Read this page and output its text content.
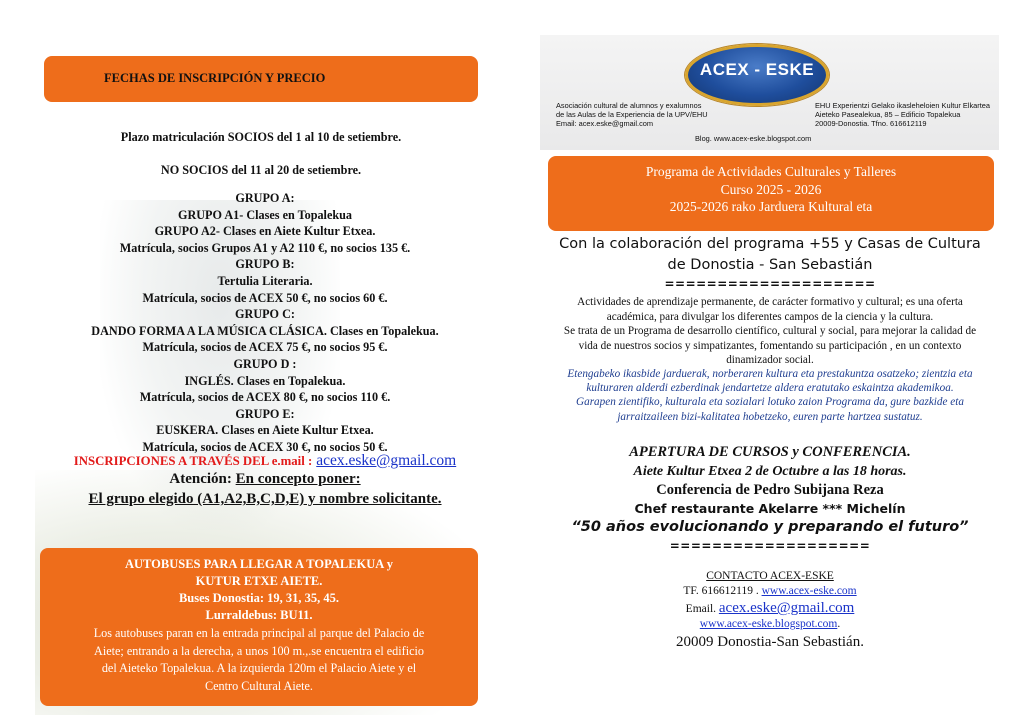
FECHAS DE INSCRIPCIÓN Y PRECIO
Plazo matriculación SOCIOS del 1 al 10 de setiembre.
NO SOCIOS del 11 al 20 de setiembre.
GRUPO A:
GRUPO A1- Clases en Topalekua
GRUPO A2- Clases en Aiete Kultur Etxea.
Matrícula, socios Grupos A1 y A2 110 €, no socios 135 €.
GRUPO B:
Tertulia Literaria.
Matrícula, socios de ACEX 50 €, no socios 60 €.
GRUPO C:
DANDO FORMA A LA MÚSICA CLÁSICA. Clases en Topalekua.
Matrícula, socios de ACEX 75 €, no socios 95 €.
GRUPO D :
INGLÉS. Clases en Topalekua.
Matrícula, socios de ACEX 80 €, no socios 110 €.
GRUPO E:
EUSKERA. Clases en Aiete Kultur Etxea.
Matrícula, socios de ACEX 30 €, no socios 50 €.
INSCRIPCIONES A TRAVÉS DEL e.mail : acex.eske@gmail.com
Atención: En concepto poner:
El grupo elegido (A1,A2,B,C,D,E) y nombre solicitante.
AUTOBUSES PARA LLEGAR A TOPALEKUA y
KUTUR ETXE AIETE.
Buses Donostia: 19, 31, 35, 45.
Lurraldebus: BU11.
Los autobuses paran en la entrada principal al parque del Palacio de
Aiete; entrando a la derecha, a unos 100 m.,.se encuentra el edificio
del Aieteko Topalekua. A la izquierda 120m el Palacio Aiete y el
Centro Cultural Aiete.
ACEX - ESKE
Asociación cultural de alumnos y exalumnos
de las Aulas de la Experiencia de la UPV/EHU
Email: acex.eske@gmail.com
EHU Experientzi Gelako ikasleheloien Kultur Elkartea
Aieteko Pasealekua, 85 – Edificio Topalekua
20009-Donostia. Tfno. 616612119
Blog. www.acex-eske.blogspot.com
Programa de Actividades Culturales y Talleres
Curso 2025 - 2026
2025-2026 rako Jarduera Kultural eta
Con la colaboración del programa +55 y Casas de Cultura
de Donostia - San Sebastián
====================
Actividades de aprendizaje permanente, de carácter formativo y cultural; es una oferta
académica, para divulgar los diferentes campos de la ciencia y la cultura.
Se trata de un Programa de desarrollo científico, cultural y social, para mejorar la calidad de
vida de nuestros socios y simpatizantes, fomentando su participación , en un contexto
dinamizador social.
Etengabeko ikasbide jarduerak, norberaren kultura eta prestakuntza osatzeko; zientzia eta
kulturaren alderdi ezberdinak jendartetze aldera eratutako eskaintza akademikoa.
Garapen zientifiko, kulturala eta sozialari lotuko zaion Programa da, gure bazkide eta
jarraitzaileen bizi-kalitatea hobetzeko, euren parte hartzea sustatuz.
APERTURA DE CURSOS y CONFERENCIA.
Aiete Kultur Etxea 2 de Octubre a las 18 horas.
Conferencia de Pedro Subijana Reza
Chef restaurante Akelarre *** Michelín
“50 años evolucionando y preparando el futuro”
===================
CONTACTO ACEX-ESKE
TF. 616612119 . www.acex-eske.com
Email. acex.eske@gmail.com
www.acex-eske.blogspot.com.
20009 Donostia-San Sebastián.
